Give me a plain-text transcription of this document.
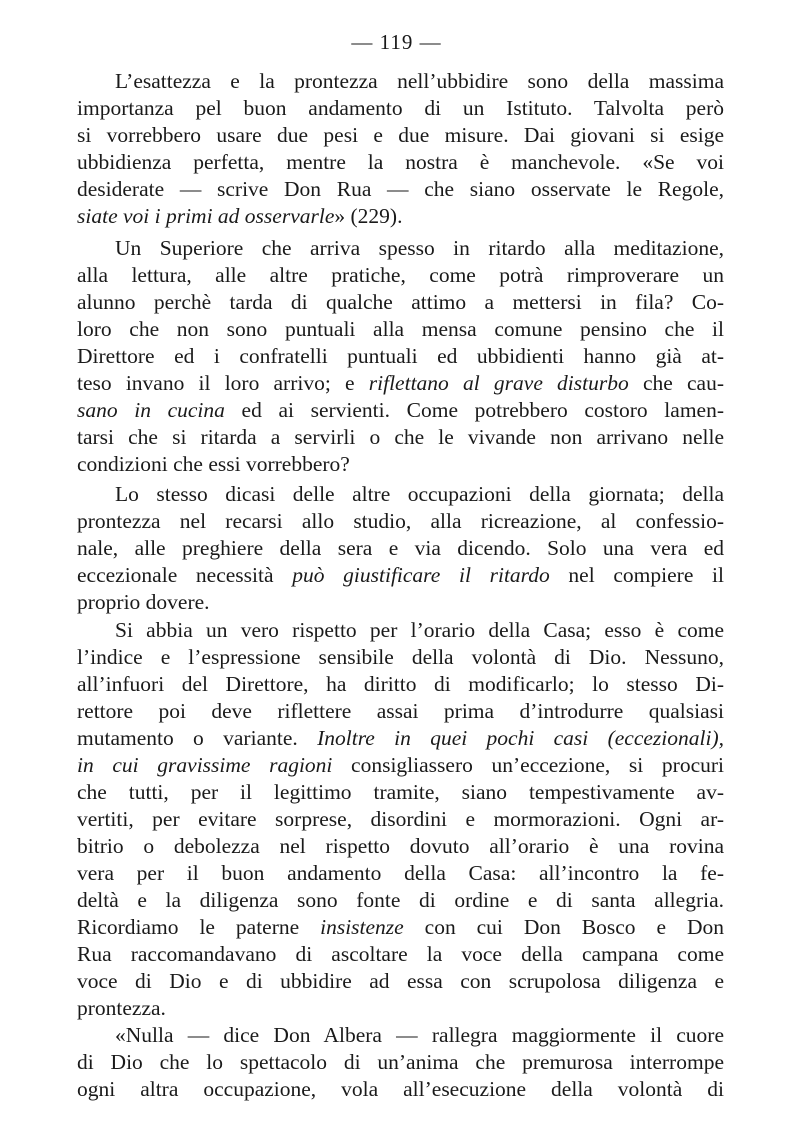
— 119 —
L’esattezza e la prontezza nell’ubbidire sono della massima
importanza pel buon andamento di un Istituto. Talvolta però
si vorrebbero usare due pesi e due misure. Dai giovani si esige
ubbidienza perfetta, mentre la nostra è manchevole. «Se voi
desiderate — scrive Don Rua — che siano osservate le Regole,
siate voi i primi ad osservarle» (229).
Un Superiore che arriva spesso in ritardo alla meditazione,
alla lettura, alle altre pratiche, come potrà rimproverare un
alunno perchè tarda di qualche attimo a mettersi in fila? Co-
loro che non sono puntuali alla mensa comune pensino che il
Direttore ed i confratelli puntuali ed ubbidienti hanno già at-
teso invano il loro arrivo; e riflettano al grave disturbo che cau-
sano in cucina ed ai servienti. Come potrebbero costoro lamen-
tarsi che si ritarda a servirli o che le vivande non arrivano nelle
condizioni che essi vorrebbero?
Lo stesso dicasi delle altre occupazioni della giornata; della
prontezza nel recarsi allo studio, alla ricreazione, al confessio-
nale, alle preghiere della sera e via dicendo. Solo una vera ed
eccezionale necessità può giustificare il ritardo nel compiere il
proprio dovere.
Si abbia un vero rispetto per l’orario della Casa; esso è come
l’indice e l’espressione sensibile della volontà di Dio. Nessuno,
all’infuori del Direttore, ha diritto di modificarlo; lo stesso Di-
rettore poi deve riflettere assai prima d’introdurre qualsiasi
mutamento o variante. Inoltre in quei pochi casi (eccezionali),
in cui gravissime ragioni consigliassero un’eccezione, si procuri
che tutti, per il legittimo tramite, siano tempestivamente av-
vertiti, per evitare sorprese, disordini e mormorazioni. Ogni ar-
bitrio o debolezza nel rispetto dovuto all’orario è una rovina
vera per il buon andamento della Casa: all’incontro la fe-
deltà e la diligenza sono fonte di ordine e di santa allegria.
Ricordiamo le paterne insistenze con cui Don Bosco e Don
Rua raccomandavano di ascoltare la voce della campana come
voce di Dio e di ubbidire ad essa con scrupolosa diligenza e
prontezza.
«Nulla — dice Don Albera — rallegra maggiormente il cuore
di Dio che lo spettacolo di un’anima che premurosa interrompe
ogni altra occupazione, vola all’esecuzione della volontà di
